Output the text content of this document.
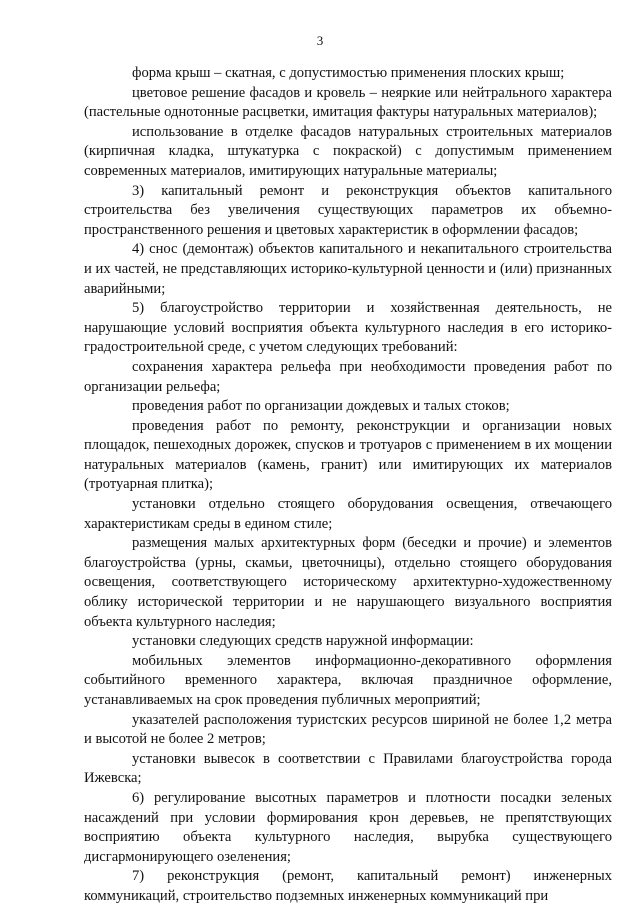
3

форма крыш – скатная, с допустимостью применения плоских крыш;

цветовое решение фасадов и кровель – неяркие или нейтрального характера (пастельные однотонные расцветки, имитация фактуры натуральных материалов);

использование в отделке фасадов натуральных строительных материалов (кирпичная кладка, штукатурка с покраской) с допустимым применением современных материалов, имитирующих натуральные материалы;

3) капитальный ремонт и реконструкция объектов капитального строительства без увеличения существующих параметров их объемно-пространственного решения и цветовых характеристик в оформлении фасадов;

4) снос (демонтаж) объектов капитального и некапитального строительства и их частей, не представляющих историко-культурной ценности и (или) признанных аварийными;

5) благоустройство территории и хозяйственная деятельность, не нарушающие условий восприятия объекта культурного наследия в его историко-градостроительной среде, с учетом следующих требований:

сохранения характера рельефа при необходимости проведения работ по организации рельефа;

проведения работ по организации дождевых и талых стоков;

проведения работ по ремонту, реконструкции и организации новых площадок, пешеходных дорожек, спусков и тротуаров с применением в их мощении натуральных материалов (камень, гранит) или имитирующих их материалов (тротуарная плитка);

установки отдельно стоящего оборудования освещения, отвечающего характеристикам среды в едином стиле;

размещения малых архитектурных форм (беседки и прочие) и элементов благоустройства (урны, скамьи, цветочницы), отдельно стоящего оборудования освещения, соответствующего историческому архитектурно-художественному облику исторической территории и не нарушающего визуального восприятия объекта культурного наследия;

установки следующих средств наружной информации:

мобильных элементов информационно-декоративного оформления событийного временного характера, включая праздничное оформление, устанавливаемых на срок проведения публичных мероприятий;

указателей расположения туристских ресурсов шириной не более 1,2 метра и высотой не более 2 метров;

установки вывесок в соответствии с Правилами благоустройства города Ижевска;

6) регулирование высотных параметров и плотности посадки зеленых насаждений при условии формирования крон деревьев, не препятствующих восприятию объекта культурного наследия, вырубка существующего дисгармонирующего озеленения;

7) реконструкция (ремонт, капитальный ремонт) инженерных коммуникаций, строительство подземных инженерных коммуникаций при
